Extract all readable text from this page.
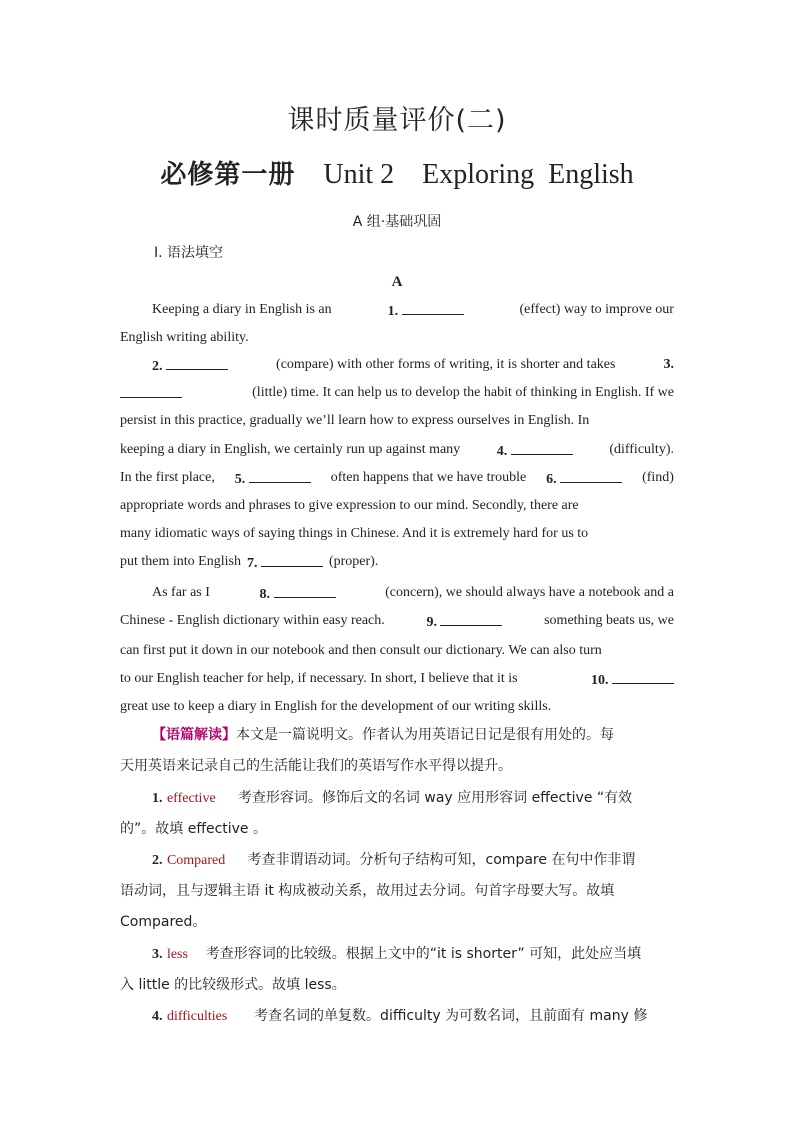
课时质量评价(二)
必修第一册 Unit 2 Exploring  English
A 组·基础巩固
Ⅰ. 语法填空
A
Keeping a diary in English is an	1.	(effect) way to improve our
English writing ability.
2.	(compare) with other forms of writing, it is shorter and takes	3.
(little) time. It can help us to develop the habit of thinking in English. If we
persist in this practice, gradually we’ll learn how to express ourselves in English. In
keeping a diary in English, we certainly run up against many	4.	(difficulty).
In the first place, 5.	often happens that we have trouble 6.	(find)
appropriate words and phrases to give expression to our mind. Secondly, there are
many idiomatic ways of saying things in Chinese. And it is extremely hard for us to
put them into English 7.	(proper).
As far as I	8.	(concern), we should always have a notebook and a
Chinese - English dictionary within easy reach.	9.	something beats us, we
can first put it down in our notebook and then consult our dictionary. We can also turn
to our English teacher for help, if necessary. In short, I believe that it is	10.
great use to keep a diary in English for the development of our writing skills.
【语篇解读】本文是一篇说明文。作者认为用英语记日记是很有用处的。每
天用英语来记录自己的生活能让我们的英语写作水平得以提升。
1. effective 考查形容词。修饰后文的名词 way 应用形容词 effective “有效
的”。故填 effective 。
2. Compared 考查非谓语动词。分析句子结构可知，compare 在句中作非谓
语动词，且与逻辑主语 it 构成被动关系，故用过去分词。句首字母要大写。故填
Compared。
3. less 考查形容词的比较级。根据上文中的“it is shorter” 可知，此处应当填
入 little 的比较级形式。故填 less。
4. difficulties 考查名词的单复数。difficulty 为可数名词，且前面有 many 修
